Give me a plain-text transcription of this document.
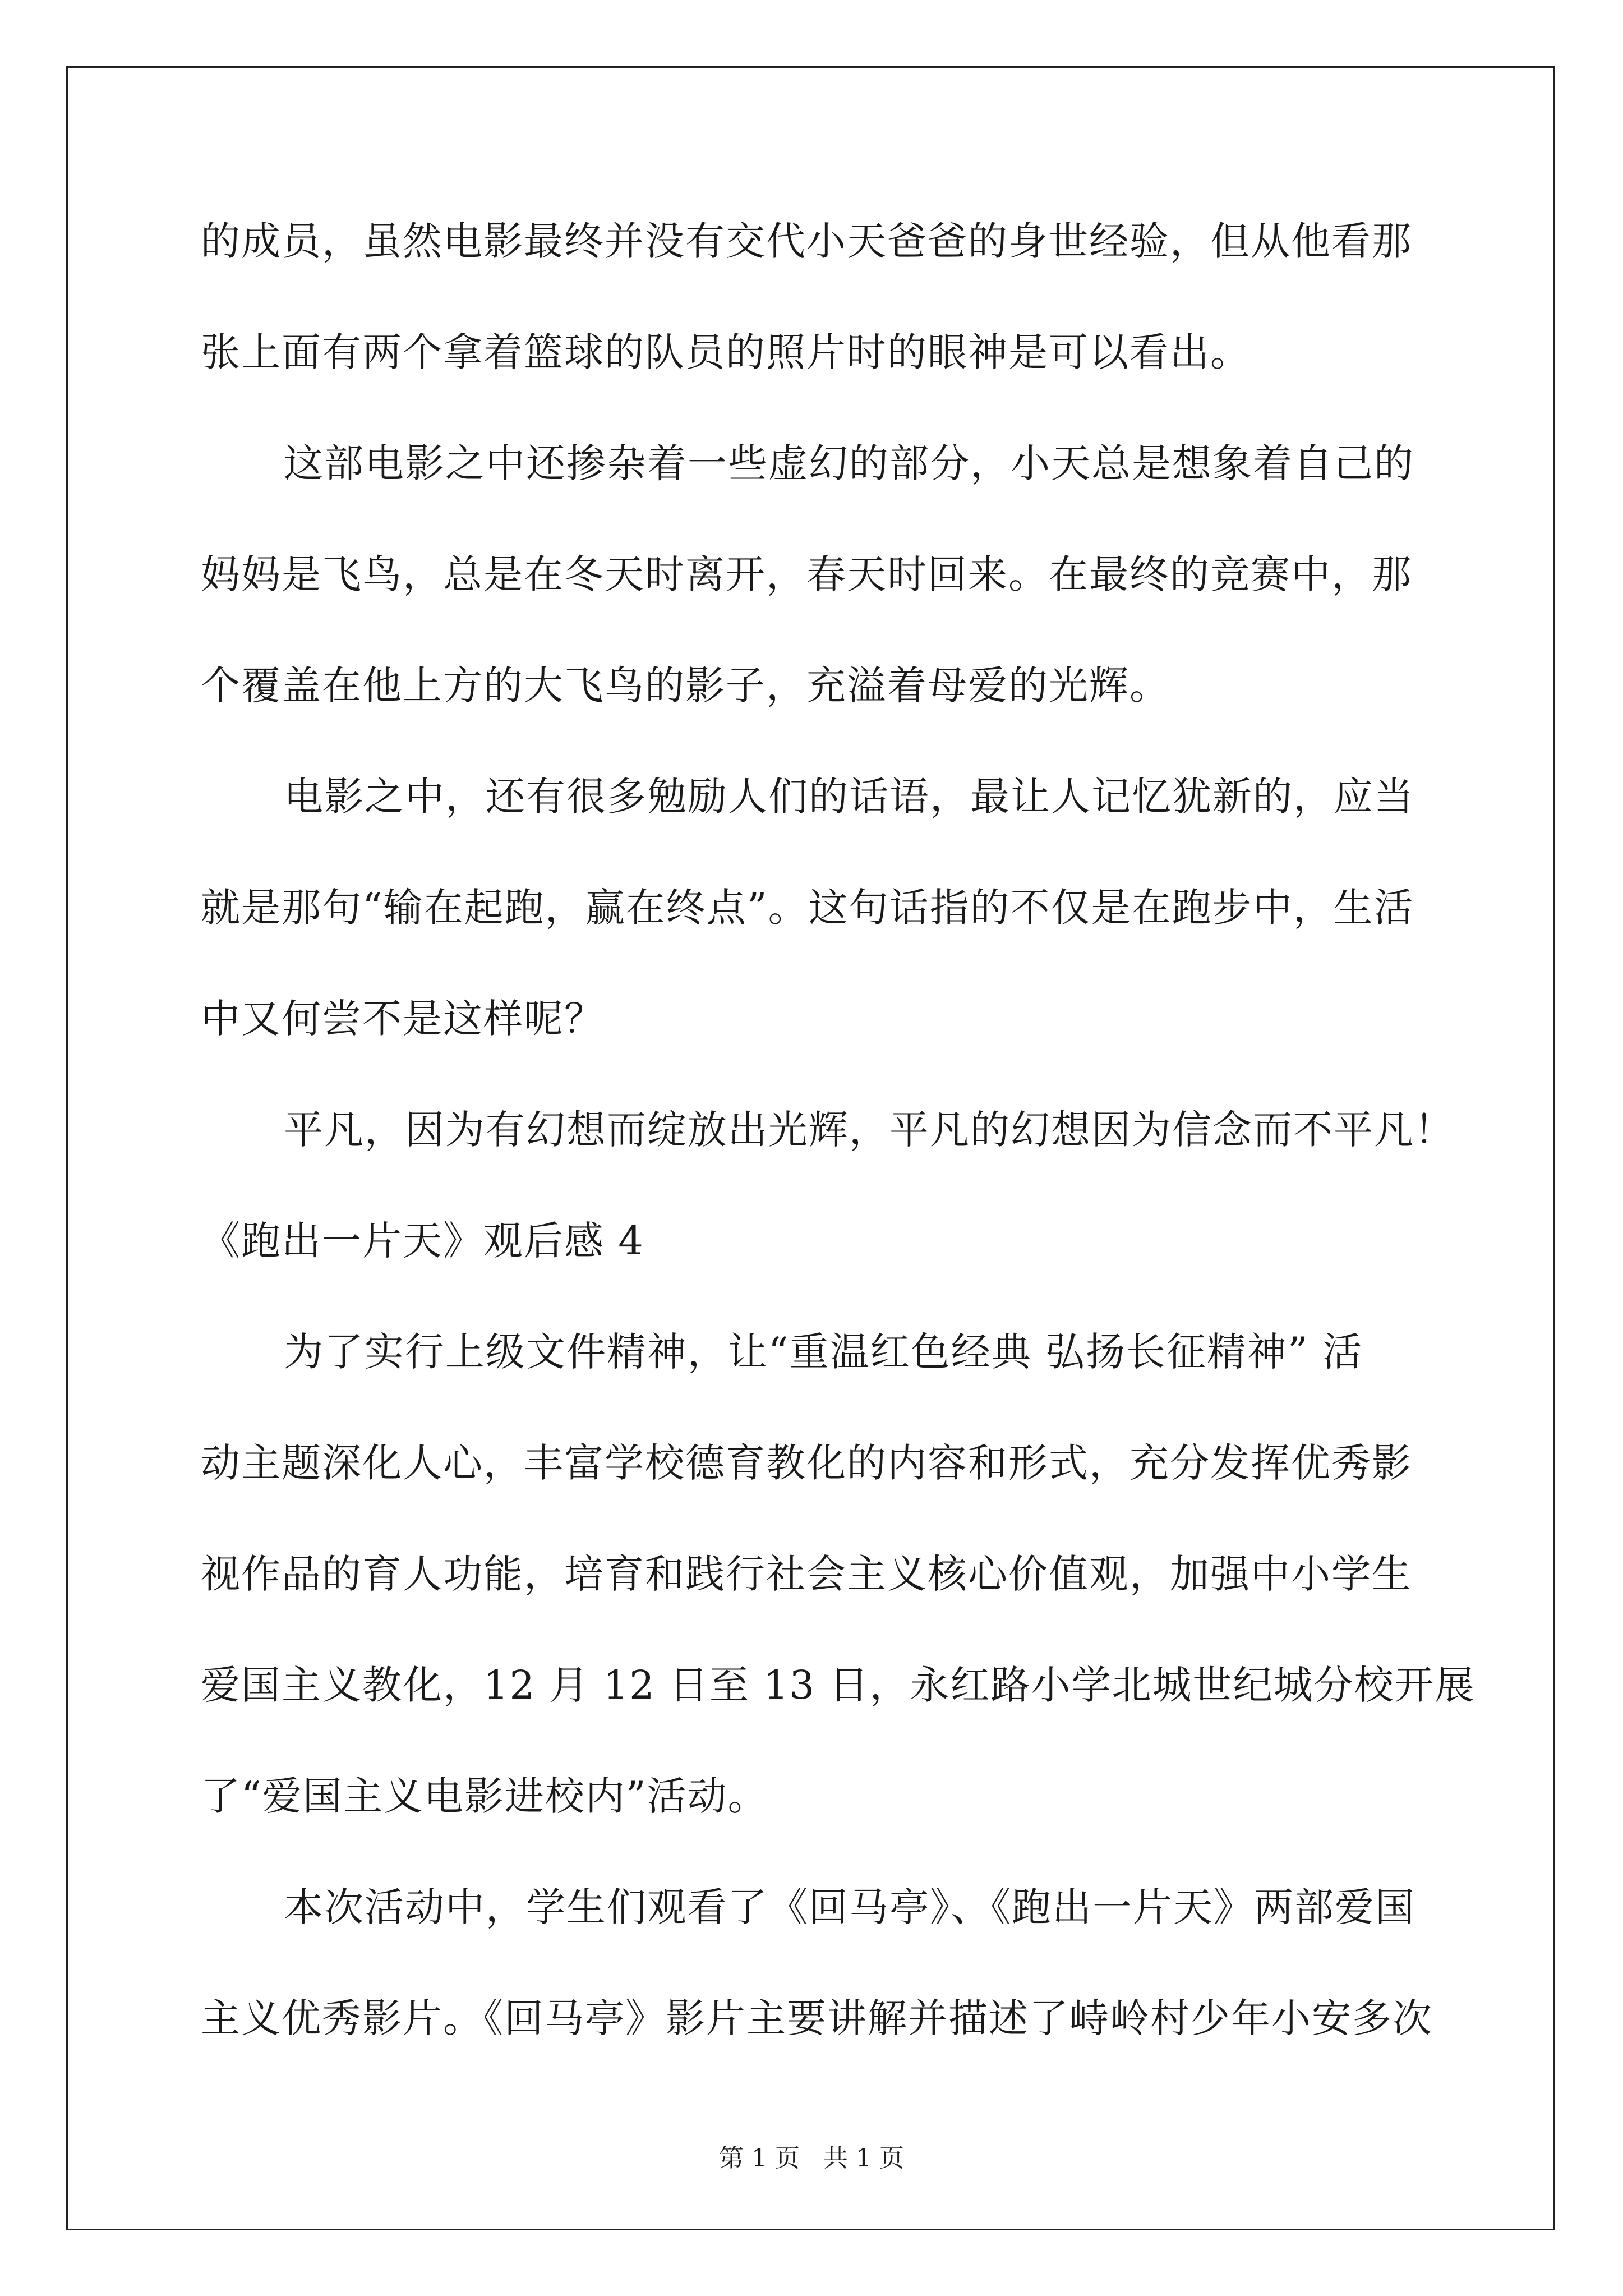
的成员，虽然电影最终并没有交代小天爸爸的身世经验，但从他看那
张上面有两个拿着篮球的队员的照片时的眼神是可以看出。
这部电影之中还掺杂着一些虚幻的部分，小天总是想象着自己的
妈妈是飞鸟，总是在冬天时离开，春天时回来。在最终的竞赛中，那
个覆盖在他上方的大飞鸟的影子，充溢着母爱的光辉。
电影之中，还有很多勉励人们的话语，最让人记忆犹新的，应当
就是那句“输在起跑，赢在终点”。这句话指的不仅是在跑步中，生活
中又何尝不是这样呢？
平凡，因为有幻想而绽放出光辉，平凡的幻想因为信念而不平凡！
《跑出一片天》观后感 4
为了实行上级文件精神，让“重温红色经典 弘扬长征精神” 活
动主题深化人心，丰富学校德育教化的内容和形式，充分发挥优秀影
视作品的育人功能，培育和践行社会主义核心价值观，加强中小学生
爱国主义教化，12 月 12 日至 13 日，永红路小学北城世纪城分校开展
了“爱国主义电影进校内”活动。
本次活动中，学生们观看了《回马亭》、《跑出一片天》两部爱国
主义优秀影片。《回马亭》影片主要讲解并描述了峙岭村少年小安多次
第 1 页   共 1 页
